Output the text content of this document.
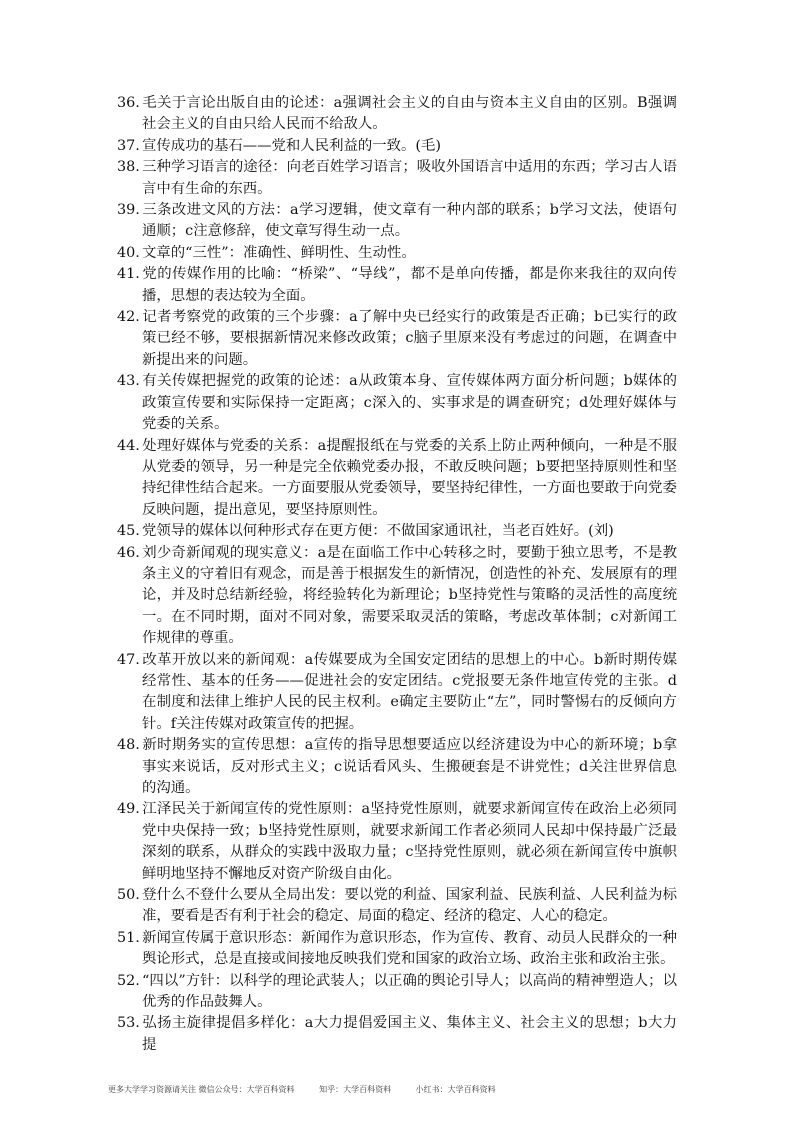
36. 毛关于言论出版自由的论述：a强调社会主义的自由与资本主义自由的区别。B强调社会主义的自由只给人民而不给敌人。

37. 宣传成功的基石——党和人民利益的一致。(毛)

38. 三种学习语言的途径：向老百姓学习语言；吸收外国语言中适用的东西；学习古人语言中有生命的东西。

39. 三条改进文风的方法：a学习逻辑，使文章有一种内部的联系；b学习文法，使语句通顺；c注意修辞，使文章写得生动一点。

40. 文章的“三性”：准确性、鲜明性、生动性。

41. 党的传媒作用的比喻：“桥梁”、“导线”，都不是单向传播，都是你来我往的双向传播，思想的表达较为全面。

42. 记者考察党的政策的三个步骤：a了解中央已经实行的政策是否正确；b已实行的政策已经不够，要根据新情况来修改政策；c脑子里原来没有考虑过的问题，在调查中新提出来的问题。

43. 有关传媒把握党的政策的论述：a从政策本身、宣传媒体两方面分析问题；b媒体的政策宣传要和实际保持一定距离；c深入的、实事求是的调查研究；d处理好媒体与党委的关系。

44. 处理好媒体与党委的关系：a提醒报纸在与党委的关系上防止两种倾向，一种是不服从党委的领导，另一种是完全依赖党委办报，不敢反映问题；b要把坚持原则性和坚持纪律性结合起来。一方面要服从党委领导，要坚持纪律性，一方面也要敢于向党委反映问题，提出意见，要坚持原则性。

45. 党领导的媒体以何种形式存在更方便：不做国家通讯社，当老百姓好。(刘)

46. 刘少奇新闻观的现实意义：a是在面临工作中心转移之时，要勤于独立思考，不是教条主义的守着旧有观念，而是善于根据发生的新情况，创造性的补充、发展原有的理论，并及时总结新经验，将经验转化为新理论；b坚持党性与策略的灵活性的高度统一。在不同时期，面对不同对象，需要采取灵活的策略，考虑改革体制；c对新闻工作规律的尊重。

47. 改革开放以来的新闻观：a传媒要成为全国安定团结的思想上的中心。b新时期传媒经常性、基本的任务——促进社会的安定团结。c党报要无条件地宣传党的主张。d在制度和法律上维护人民的民主权利。e确定主要防止“左”，同时警惕右的反倾向方针。f关注传媒对政策宣传的把握。

48. 新时期务实的宣传思想：a宣传的指导思想要适应以经济建设为中心的新环境；b拿事实来说话，反对形式主义；c说话看风头、生搬硬套是不讲党性；d关注世界信息的沟通。

49. 江泽民关于新闻宣传的党性原则：a坚持党性原则，就要求新闻宣传在政治上必须同党中央保持一致；b坚持党性原则，就要求新闻工作者必须同人民却中保持最广泛最深刻的联系，从群众的实践中汲取力量；c坚持党性原则，就必须在新闻宣传中旗帜鲜明地坚持不懈地反对资产阶级自由化。

50. 登什么不登什么要从全局出发：要以党的利益、国家利益、民族利益、人民利益为标准，要看是否有利于社会的稳定、局面的稳定、经济的稳定、人心的稳定。

51. 新闻宣传属于意识形态：新闻作为意识形态，作为宣传、教育、动员人民群众的一种舆论形式，总是直接或间接地反映我们党和国家的政治立场、政治主张和政治主张。

52. “四以”方针：以科学的理论武装人；以正确的舆论引导人；以高尚的精神塑造人；以优秀的作品鼓舞人。

53. 弘扬主旋律提倡多样化：a大力提倡爱国主义、集体主义、社会主义的思想；b大力提

更多大学学习资源请关注 微信公众号：大学百科资料	知乎：大学百科资料	小红书：大学百科资料
